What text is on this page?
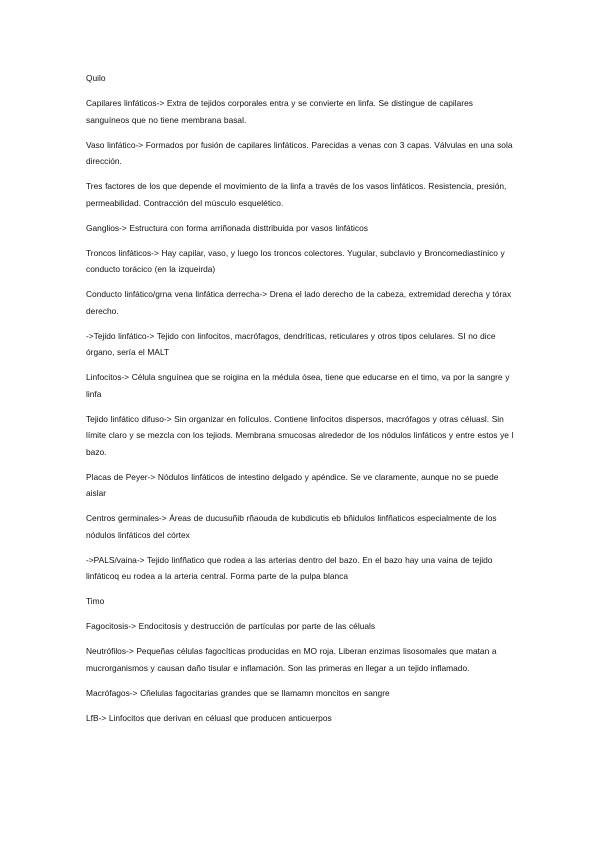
Quilo

Capilares linfáticos-> Extra de tejidos corporales entra y se convierte en linfa. Se distingue de capilares sanguíneos que no tiene membrana basal.

Vaso linfático-> Formados por fusión de capilares linfáticos. Parecidas a venas con 3 capas. Válvulas en una sola dirección.

Tres factores de los que depende el movimiento de la linfa a través de los vasos linfáticos. Resistencia, presión, permeabilidad. Contracción del músculo esquelético.

Ganglios-> Estructura con forma arriñonada disttribuida por vasos linfáticos

Troncos linfáticos-> Hay capilar, vaso, y luego los troncos colectores. Yugular, subclavio y Broncomediastínico y conducto torácico (en la izqueirda)

Conducto linfático/grna vena linfática derrecha-> Drena el lado derecho de la cabeza, extremidad derecha y tórax derecho.

->Tejido linfático-> Tejido con linfocitos, macrófagos, dendríticas, reticulares y otros tipos celulares. SI no dice órgano, sería el MALT

Linfocitos-> Célula snguínea que se roigina en la médula ósea, tiene que educarse en el timo, va por la sangre y linfa

Tejido linfático difuso-> Sin organizar en folículos. Contiene linfocitos dispersos, macrófagos y otras céluasl. Sin límite claro y se mezcla con los tejiods. Membrana smucosas alrededor de los nódulos linfáticos y entre estos ye l bazo.

Placas de Peyer-> Nódulos linfáticos de intestino delgado y apéndice. Se ve claramente, aunque no se puede aislar

Centros germinales-> Áreas de ducusuñib rñaouda de kubdicutis eb bñidulos linfñaticos especialmente de los nódulos linfáticos del córtex

->PALS/vaina-> Tejido linfñatico que rodea a las arterias dentro del bazo. En el bazo hay una vaina de tejido linfáticoq eu rodea a la arteria central. Forma parte de la pulpa blanca

Timo

Fagocitosis-> Endocitosis y destrucción de partículas por parte de las céluals

Neutrófilos-> Pequeñas células fagocíticas producidas en MO roja. Liberan enzimas lisosomales que matan a mucrorganismos y causan daño tisular e inflamación. Son las primeras en llegar a un tejido inflamado.

Macrófagos-> Cñelulas fagocitarias grandes que se llamamn moncitos en sangre

LfB-> Linfocitos que derivan en céluasl que producen anticuerpos
